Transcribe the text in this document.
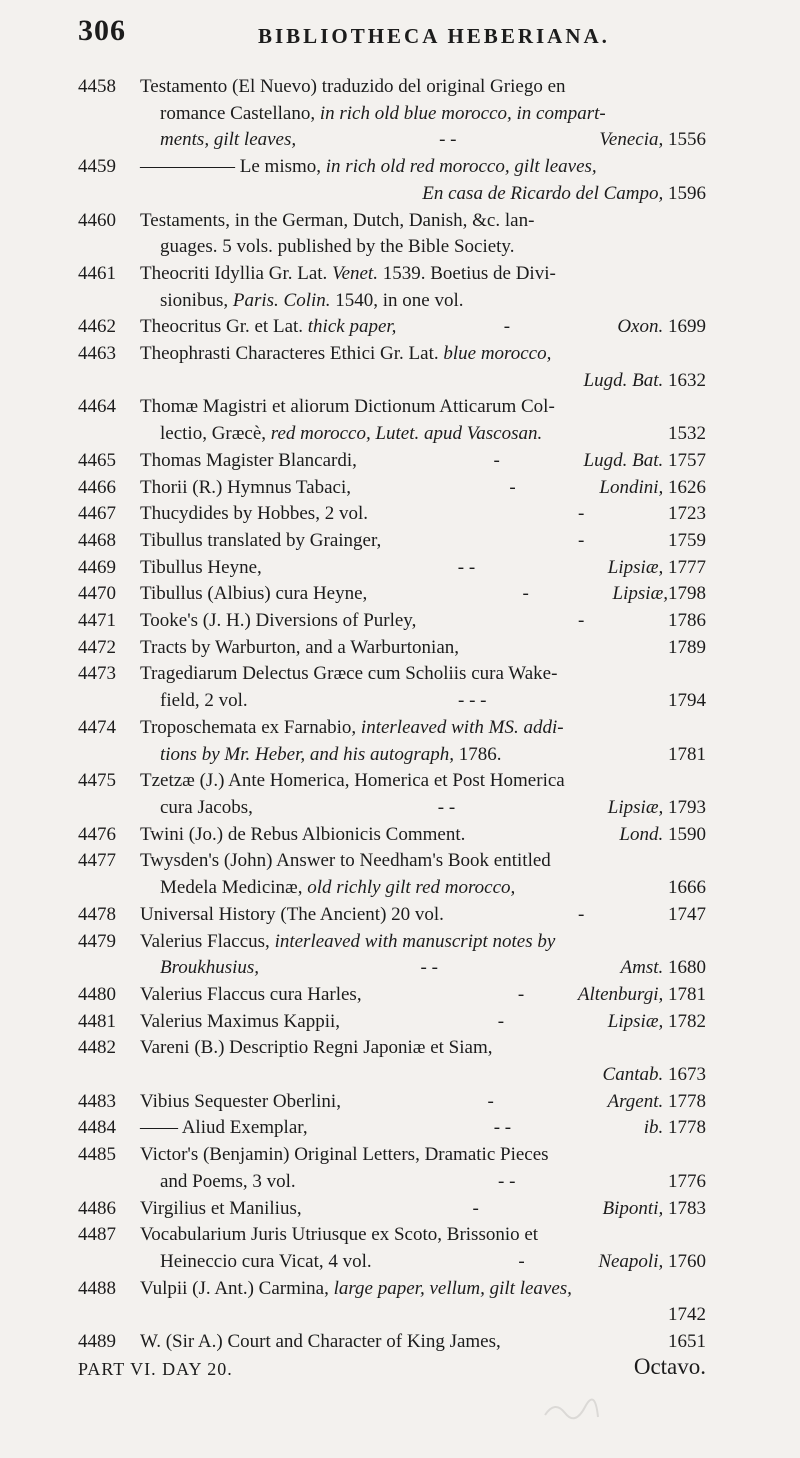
306	BIBLIOTHECA HEBERIANA.
4458 Testamento (El Nuevo) traduzido del original Griego en
romance Castellano, in rich old blue morocco, in compart-
ments, gilt leaves,	- -	Venecia, 1556
4459 ————— Le mismo, in rich old red morocco, gilt leaves,
En casa de Ricardo del Campo, 1596
4460 Testaments, in the German, Dutch, Danish, &c. lan-
guages. 5 vols. published by the Bible Society.
4461 Theocriti Idyllia Gr. Lat. Venet. 1539. Boetius de Divi-
sionibus, Paris. Colin. 1540, in one vol.
4462 Theocritus Gr. et Lat. thick paper,	-	Oxon. 1699
4463 Theophrasti Characteres Ethici Gr. Lat. blue morocco,
Lugd. Bat. 1632
4464 Thomæ Magistri et aliorum Dictionum Atticarum Col-
lectio, Græcè, red morocco, Lutet. apud Vascosan.	1532
4465 Thomas Magister Blancardi,	-	Lugd. Bat. 1757
4466 Thorii (R.) Hymnus Tabaci,	-	Londini, 1626
4467 Thucydides by Hobbes, 2 vol.	-	1723
4468 Tibullus translated by Grainger,	-	1759
4469 Tibullus Heyne,	- -	Lipsiæ, 1777
4470 Tibullus (Albius) cura Heyne,	-	Lipsiæ,1798
4471 Tooke's (J. H.) Diversions of Purley,	-	1786
4472 Tracts by Warburton, and a Warburtonian,	1789
4473 Tragediarum Delectus Græce cum Scholiis cura Wake-
field, 2 vol.	- - -	1794
4474 Troposchemata ex Farnabio, interleaved with MS. addi-
tions by Mr. Heber, and his autograph, 1786.	1781
4475 Tzetzæ (J.) Ante Homerica, Homerica et Post Homerica
cura Jacobs,	- -	Lipsiæ, 1793
4476 Twini (Jo.) de Rebus Albionicis Comment.	Lond. 1590
4477 Twysden's (John) Answer to Needham's Book entitled
Medela Medicinæ, old richly gilt red morocco,	1666
4478 Universal History (The Ancient) 20 vol.	-	1747
4479 Valerius Flaccus, interleaved with manuscript notes by
Broukhusius,	- -	Amst. 1680
4480 Valerius Flaccus cura Harles,	-	Altenburgi, 1781
4481 Valerius Maximus Kappii,	-	Lipsiæ, 1782
4482 Vareni (B.) Descriptio Regni Japoniæ et Siam,
Cantab. 1673
4483 Vibius Sequester Oberlini,	-	Argent. 1778
4484 —— Aliud Exemplar,	- -	ib. 1778
4485 Victor's (Benjamin) Original Letters, Dramatic Pieces
and Poems, 3 vol.	- -	1776
4486 Virgilius et Manilius,	-	Biponti, 1783
4487 Vocabularium Juris Utriusque ex Scoto, Brissonio et
Heineccio cura Vicat, 4 vol.	-	Neapoli, 1760
4488 Vulpii (J. Ant.) Carmina, large paper, vellum, gilt leaves,
1742
4489 W. (Sir A.) Court and Character of King James,	1651
PART VI. DAY 20.	Octavo.
